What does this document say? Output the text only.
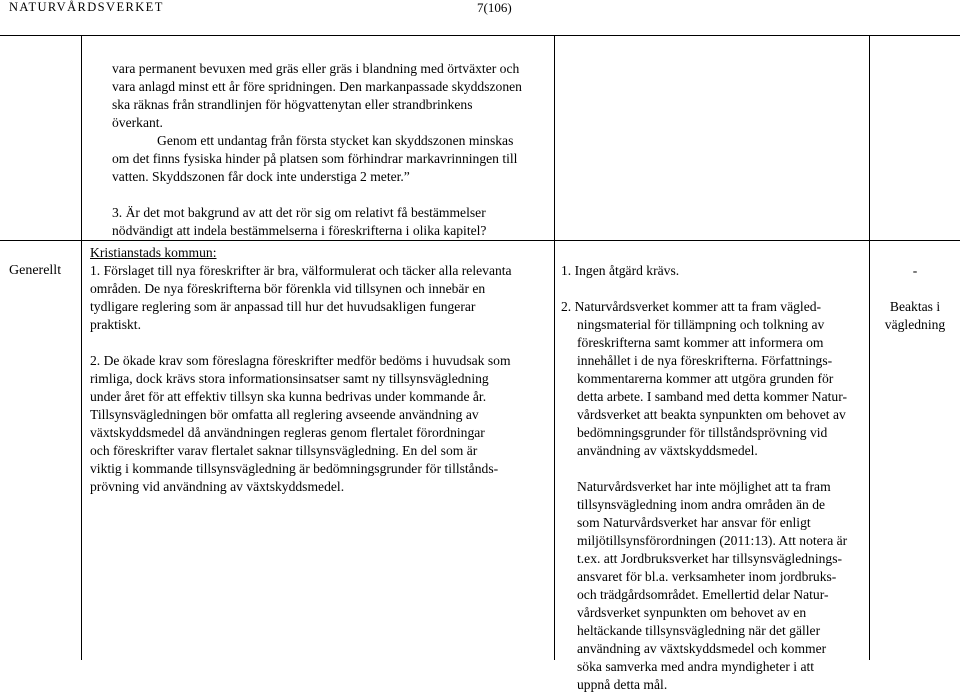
NATURVÅRDSVERKET	7(106)
vara permanent bevuxen med gräs eller gräs i blandning med örtväxter och
vara anlagd minst ett år före spridningen. Den markanpassade skyddszonen
ska räknas från strandlinjen för högvattenytan eller strandbrinkens
överkant.
Genom ett undantag från första stycket kan skyddszonen minskas
om det finns fysiska hinder på platsen som förhindrar markavrinningen till
vatten. Skyddszonen får dock inte understiga 2 meter.”
3. Är det mot bakgrund av att det rör sig om relativt få bestämmelser
nödvändigt att indela bestämmelserna i föreskrifterna i olika kapitel?
Generellt
Kristianstads kommun:
1. Förslaget till nya föreskrifter är bra, välformulerat och täcker alla relevanta
områden. De nya föreskrifterna bör förenkla vid tillsynen och innebär en
tydligare reglering som är anpassad till hur det huvudsakligen fungerar
praktiskt.
2. De ökade krav som föreslagna föreskrifter medför bedöms i huvudsak som
rimliga, dock krävs stora informationsinsatser samt ny tillsynsvägledning
under året för att effektiv tillsyn ska kunna bedrivas under kommande år.
Tillsynsvägledningen bör omfatta all reglering avseende användning av
växtskyddsmedel då användningen regleras genom flertalet förordningar
och föreskrifter varav flertalet saknar tillsynsvägledning. En del som är
viktig i kommande tillsynsvägledning är bedömningsgrunder för tillstånds-
prövning vid användning av växtskyddsmedel.
1. Ingen åtgärd krävs.
2. Naturvårdsverket kommer att ta fram vägled-
ningsmaterial för tillämpning och tolkning av
föreskrifterna samt kommer att informera om
innehållet i de nya föreskrifterna. Författnings-
kommentarerna kommer att utgöra grunden för
detta arbete. I samband med detta kommer Natur-
vårdsverket att beakta synpunkten om behovet av
bedömningsgrunder för tillståndsprövning vid
användning av växtskyddsmedel.
Naturvårdsverket har inte möjlighet att ta fram
tillsynsvägledning inom andra områden än de
som Naturvårdsverket har ansvar för enligt
miljötillsynsförordningen (2011:13). Att notera är
t.ex. att Jordbruksverket har tillsynsväglednings-
ansvaret för bl.a. verksamheter inom jordbruks-
och trädgårdsområdet. Emellertid delar Natur-
vårdsverket synpunkten om behovet av en
heltäckande tillsynsvägledning när det gäller
användning av växtskyddsmedel och kommer
söka samverka med andra myndigheter i att
uppnå detta mål.
-
Beaktas i
vägledning
